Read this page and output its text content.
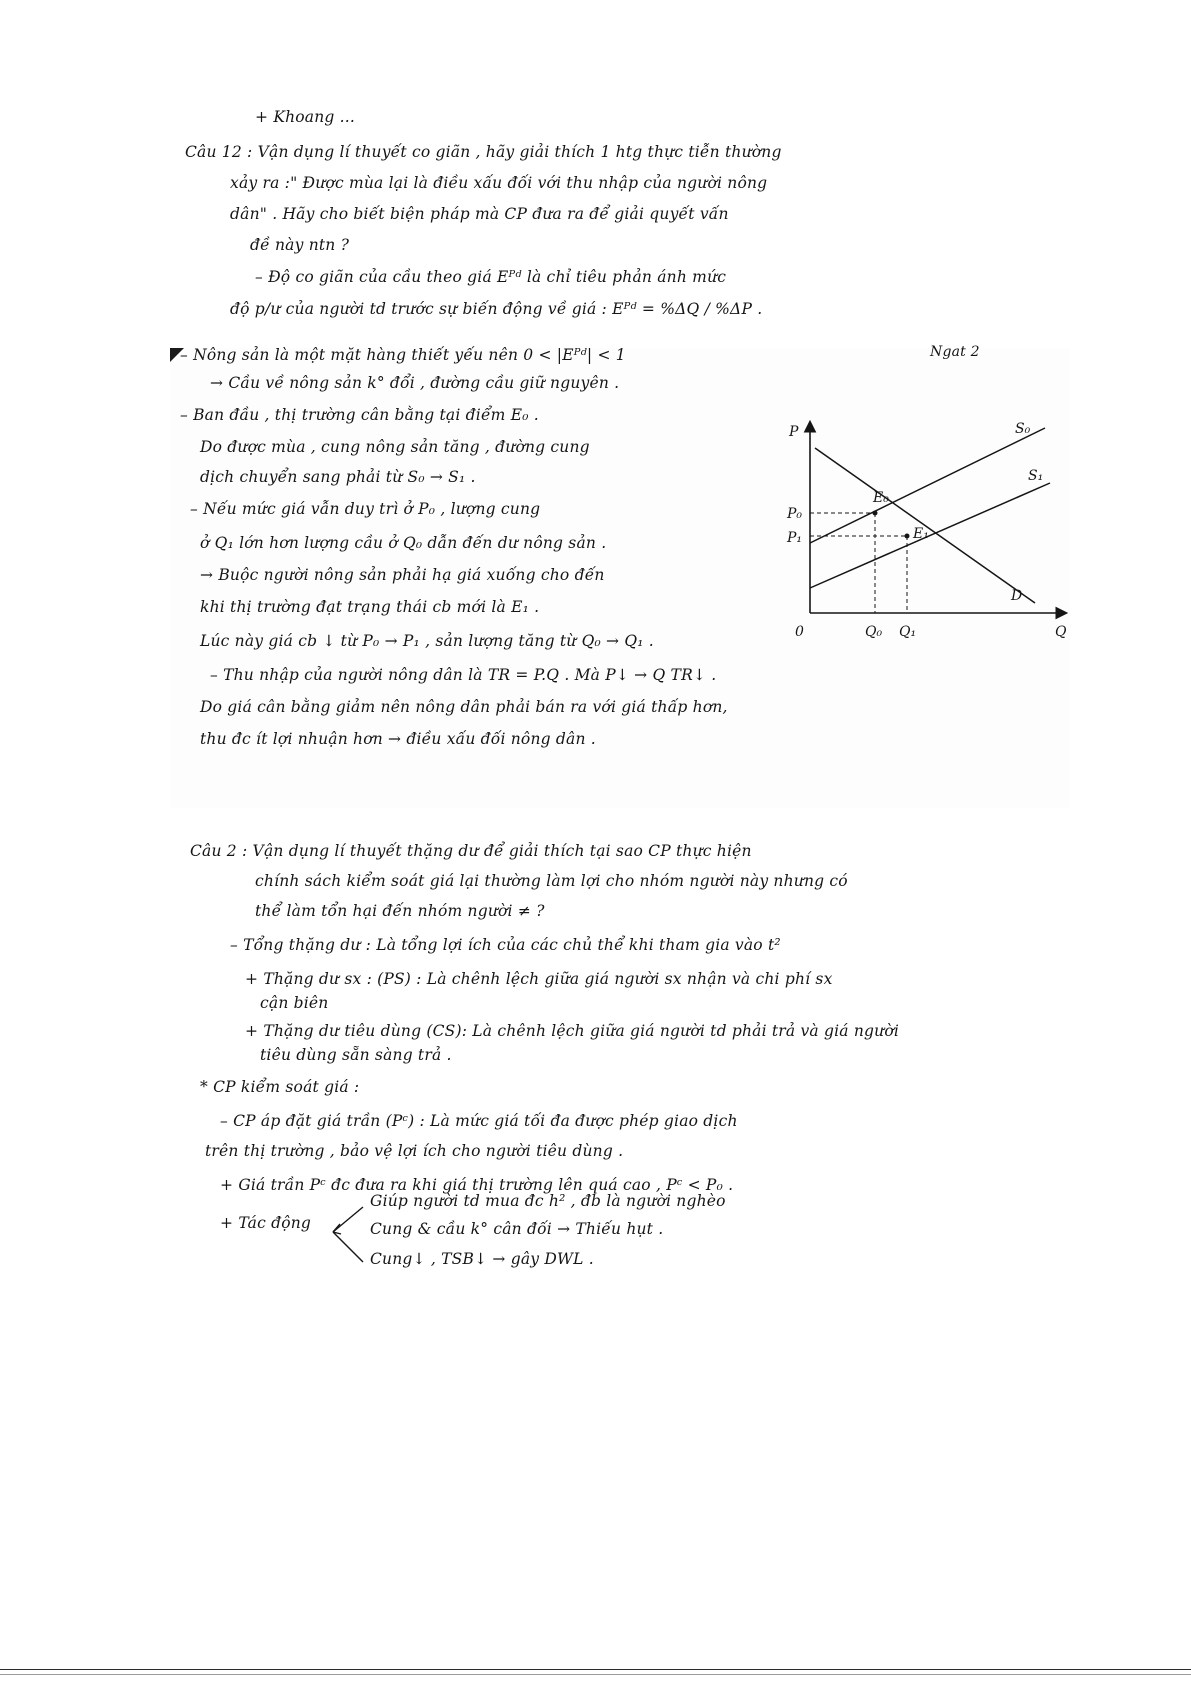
+ Khoang ...
Câu 12 : Vận dụng lí thuyết co giãn , hãy giải thích 1 htg thực tiễn thường
xảy ra :" Được mùa lại là điều xấu đối với thu nhập của người nông
dân" . Hãy cho biết biện pháp mà CP đưa ra để giải quyết vấn
đề này ntn ?
– Độ co giãn của cầu theo giá Eᴾᵈ là chỉ tiêu phản ánh mức
độ p/ư của người td trước sự biến động về giá : Eᴾᵈ = %ΔQ / %ΔP .
– Nông sản là một mặt hàng thiết yếu nên 0 < |Eᴾᵈ| < 1	Ngat 2
→ Cầu về nông sản k° đổi , đường cầu giữ nguyên .
– Ban đầu , thị trường cân bằng tại điểm E₀ .
Do được mùa , cung nông sản tăng , đường cung
dịch chuyển sang phải từ S₀ → S₁ .
– Nếu mức giá vẫn duy trì ở P₀ , lượng cung
ở Q₁ lớn hơn lượng cầu ở Q₀ dẫn đến dư nông sản .
→ Buộc người nông sản phải hạ giá xuống cho đến
khi thị trường đạt trạng thái cb mới là E₁ .
Lúc này giá cb ↓ từ P₀ → P₁ , sản lượng tăng từ Q₀ → Q₁ .
– Thu nhập của người nông dân là TR = P.Q . Mà P↓ → Q TR↓ .
Do giá cân bằng giảm nên nông dân phải bán ra với giá thấp hơn,
thu đc ít lợi nhuận hơn → điều xấu đối nông dân .
P
Q
0
S₀
S₁
D
E₀
E₁
P₀
P₁
Q₀ Q₁
Câu 2 : Vận dụng lí thuyết thặng dư để giải thích tại sao CP thực hiện
chính sách kiểm soát giá lại thường làm lợi cho nhóm người này nhưng có
thể làm tổn hại đến nhóm người ≠ ?
– Tổng thặng dư : Là tổng lợi ích của các chủ thể khi tham gia vào t²
+ Thặng dư sx : (PS) : Là chênh lệch giữa giá người sx nhận và chi phí sx
cận biên
+ Thặng dư tiêu dùng (CS): Là chênh lệch giữa giá người td phải trả và giá người
tiêu dùng sẵn sàng trả .
* CP kiểm soát giá :
– CP áp đặt giá trần (Pᶜ) : Là mức giá tối đa được phép giao dịch
trên thị trường , bảo vệ lợi ích cho người tiêu dùng .
+ Giá trần Pᶜ đc đưa ra khi giá thị trường lên quá cao , Pᶜ < P₀ .
+ Tác động
Giúp người td mua đc h² , đb là người nghèo
Cung & cầu k° cân đối → Thiếu hụt .
Cung↓ , TSB↓ → gây DWL .
